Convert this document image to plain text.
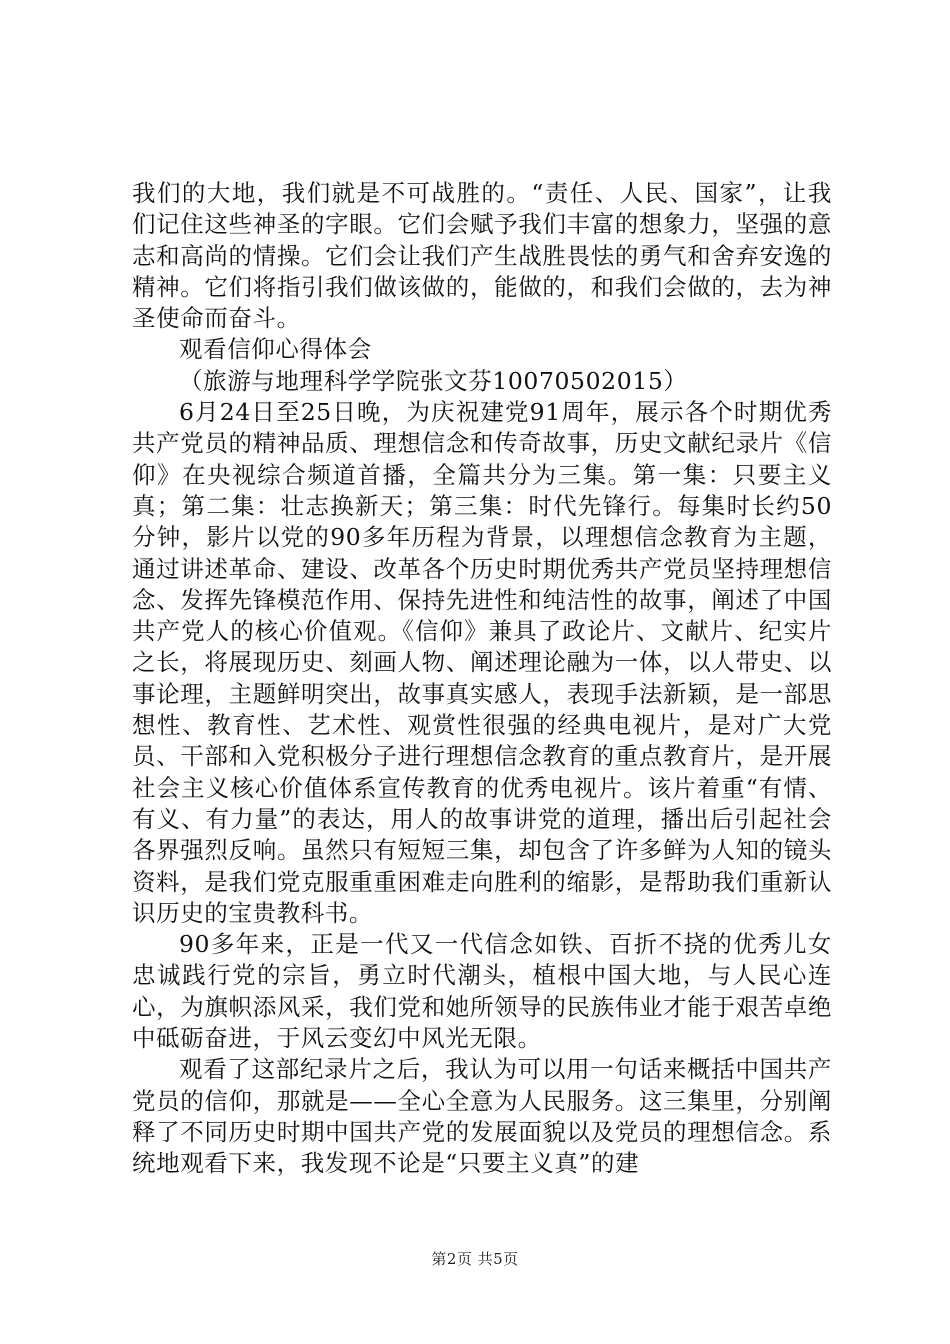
我们的大地，我们就是不可战胜的。“责任、人民、国家”，让我们记住这些神圣的字眼。它们会赋予我们丰富的想象力，坚强的意志和高尚的情操。它们会让我们产生战胜畏怯的勇气和舍弃安逸的精神。它们将指引我们做该做的，能做的，和我们会做的，去为神圣使命而奋斗。

观看信仰心得体会

（旅游与地理科学学院张文芬10070502015）

6月24日至25日晚，为庆祝建党91周年，展示各个时期优秀共产党员的精神品质、理想信念和传奇故事，历史文献纪录片《信仰》在央视综合频道首播，全篇共分为三集。第一集：只要主义真；第二集：壮志换新天；第三集：时代先锋行。每集时长约50分钟，影片以党的90多年历程为背景，以理想信念教育为主题，通过讲述革命、建设、改革各个历史时期优秀共产党员坚持理想信念、发挥先锋模范作用、保持先进性和纯洁性的故事，阐述了中国共产党人的核心价值观。《信仰》兼具了政论片、文献片、纪实片之长，将展现历史、刻画人物、阐述理论融为一体，以人带史、以事论理，主题鲜明突出，故事真实感人，表现手法新颖，是一部思想性、教育性、艺术性、观赏性很强的经典电视片，是对广大党员、干部和入党积极分子进行理想信念教育的重点教育片，是开展社会主义核心价值体系宣传教育的优秀电视片。该片着重“有情、有义、有力量”的表达，用人的故事讲党的道理，播出后引起社会各界强烈反响。虽然只有短短三集，却包含了许多鲜为人知的镜头资料，是我们党克服重重困难走向胜利的缩影，是帮助我们重新认识历史的宝贵教科书。

90多年来，正是一代又一代信念如铁、百折不挠的优秀儿女忠诚践行党的宗旨，勇立时代潮头，植根中国大地，与人民心连心，为旗帜添风采，我们党和她所领导的民族伟业才能于艰苦卓绝中砥砺奋进，于风云变幻中风光无限。

观看了这部纪录片之后，我认为可以用一句话来概括中国共产党员的信仰，那就是——全心全意为人民服务。这三集里，分别阐释了不同历史时期中国共产党的发展面貌以及党员的理想信念。系统地观看下来，我发现不论是“只要主义真”的建

第2页 共5页
